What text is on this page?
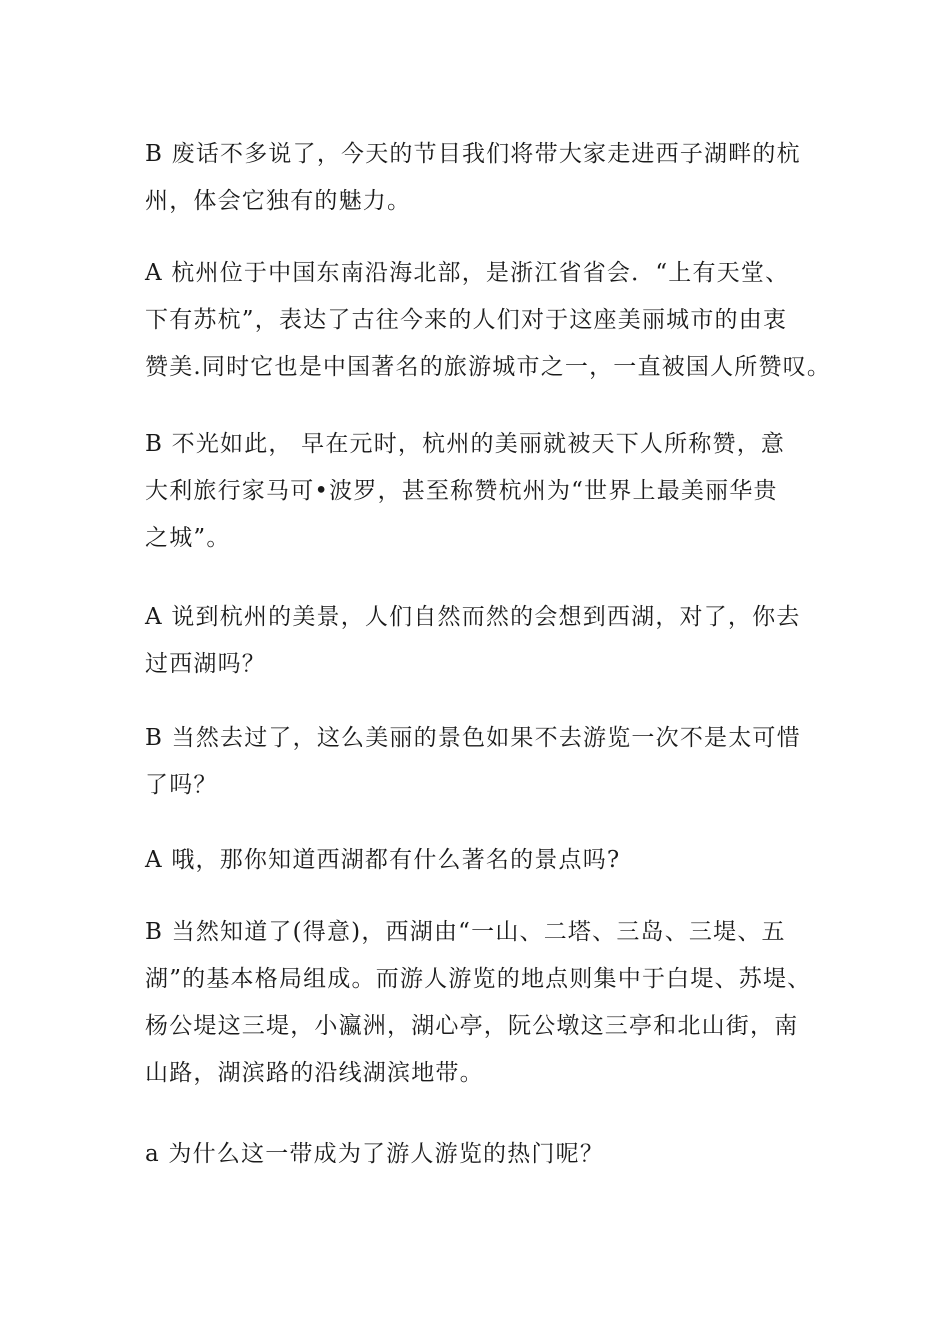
B 废话不多说了，今天的节目我们将带大家走进西子湖畔的杭
州，体会它独有的魅力。

A 杭州位于中国东南沿海北部，是浙江省省会．“上有天堂、
下有苏杭”，表达了古往今来的人们对于这座美丽城市的由衷
赞美.同时它也是中国著名的旅游城市之一，一直被国人所赞叹。

B 不光如此， 早在元时，杭州的美丽就被天下人所称赞，意
大利旅行家马可•波罗，甚至称赞杭州为“世界上最美丽华贵
之城”。

A 说到杭州的美景，人们自然而然的会想到西湖，对了，你去
过西湖吗？

B 当然去过了，这么美丽的景色如果不去游览一次不是太可惜
了吗？

A 哦，那你知道西湖都有什么著名的景点吗?

B 当然知道了(得意)，西湖由“一山、二塔、三岛、三堤、五
湖”的基本格局组成。而游人游览的地点则集中于白堤、苏堤、
杨公堤这三堤，小瀛洲，湖心亭，阮公墩这三亭和北山街，南
山路，湖滨路的沿线湖滨地带。

a 为什么这一带成为了游人游览的热门呢？
